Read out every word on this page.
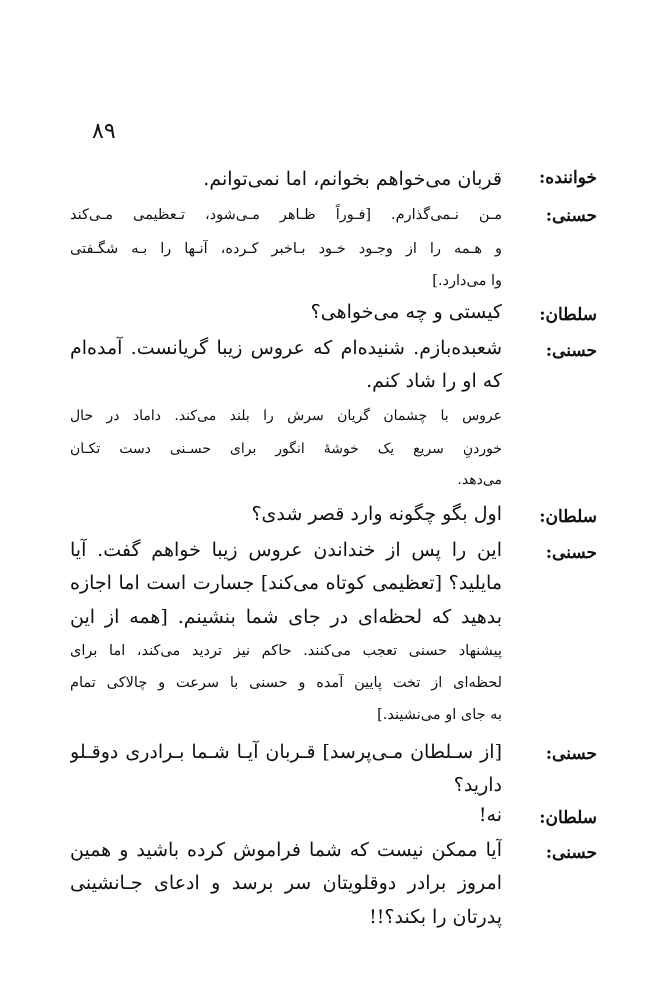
۸۹
خواننده:
قربان می‌خواهم بخوانم، اما نمی‌توانم.
حسنی:
مـن نـمی‌گذارم. [فـوراً ظـاهر مـی‌شود، تـعظیمی مـی‌کند
و هـمه را از وجـود خـود بـاخبر کـرده، آنـها را بـه شگـفتی
وا می‌دارد.]
سلطان:
کیستی و چه می‌خواهی؟
حسنی:
شعبده‌بازم. شنیده‌ام که عروس زیبا گریانست. آمده‌ام
که او را شاد کنم.
عروس با چشمان گریان سرش را بلند می‌کند. داماد در حال
خوردنِ سریع یک خوشهٔ انگور برای حسـنی دست تکـان
می‌دهد.
سلطان:
اول بگو چگونه وارد قصر شدی؟
حسنی:
این را پس از خنداندن عروس زیبا خواهم گفت. آیا
مایلید؟ [تعظیمی کوتاه می‌کند] جسارت است اما اجازه
بدهید که لحظه‌ای در جای شما بنشینم. [همه از این
پیشنهاد حسنی تعجب می‌کنند. حاکم نیز تردید می‌کند، اما برای
لحظه‌ای از تخت پایین آمده و حسنی با سرعت و چالاکی تمام
به جای او می‌نشیند.]
حسنی:
[از سـلطان مـی‌پرسد] قـربان آیـا شـما بـرادری دوقـلو
دارید؟
سلطان:
نه!
حسنی:
آیا ممکن نیست که شما فراموش کرده باشید و همین
امروز برادر دوقلویتان سر برسد و ادعای جـانشینی
پدرتان را بکند؟!!
